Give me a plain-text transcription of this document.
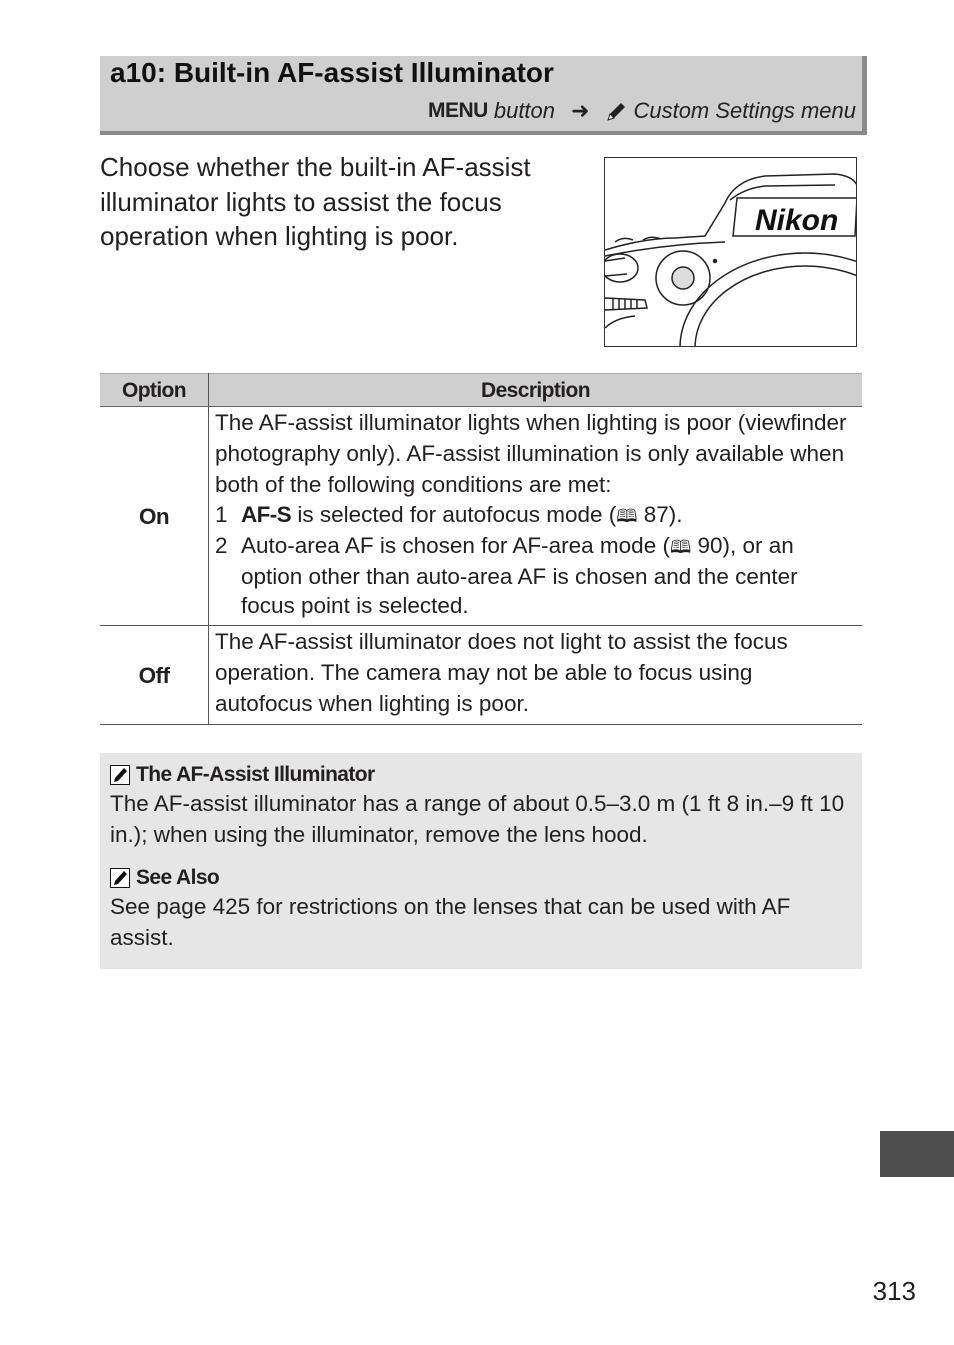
a10: Built-in AF-assist Illuminator
MENU button ➜ Custom Settings menu
Choose whether the built-in AF-assist illuminator lights to assist the focus operation when lighting is poor.	Nikon
Option	Description
On	The AF-assist illuminator lights when lighting is poor (viewfinder photography only). AF-assist illumination is only available when both of the following conditions are met:

1 AF-S is selected for autofocus mode (🕮 87).
2 Auto-area AF is chosen for AF-area mode (🕮 90), or an option other than auto-area AF is chosen and the center focus point is selected.

Off	The AF-assist illuminator does not light to assist the focus operation. The camera may not be able to focus using autofocus when lighting is poor.

The AF-Assist Illuminator
The AF-assist illuminator has a range of about 0.5–3.0 m (1 ft 8 in.–9 ft 10 in.); when using the illuminator, remove the lens hood.
See Also
See page 425 for restrictions on the lenses that can be used with AF assist.
313
